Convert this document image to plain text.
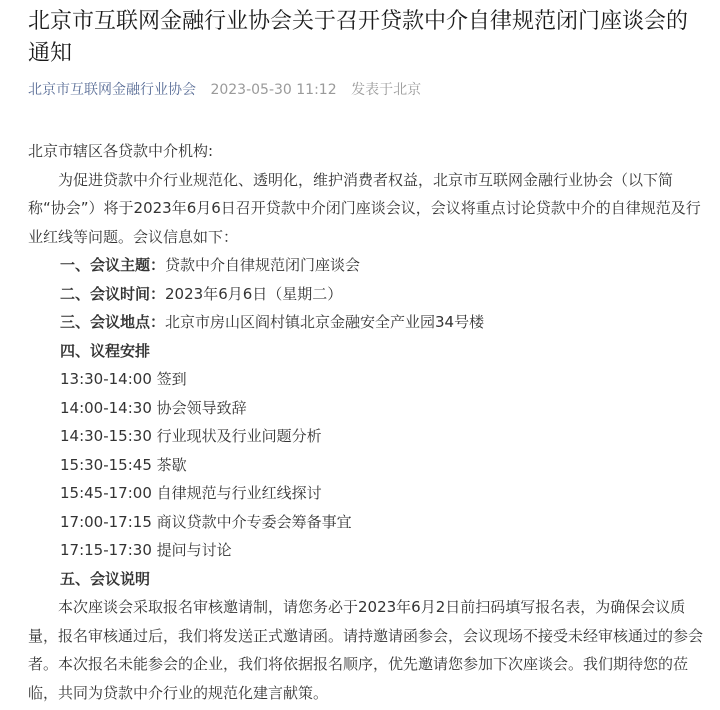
北京市互联网金融行业协会关于召开贷款中介自律规范闭门座谈会的通知
北京市互联网金融行业协会 2023-05-30 11:12 发表于北京

北京市辖区各贷款中介机构:

为促进贷款中介行业规范化、透明化，维护消费者权益，北京市互联网金融行业协会（以下简称“协会”）将于2023年6月6日召开贷款中介闭门座谈会议，会议将重点讨论贷款中介的自律规范及行业红线等问题。会议信息如下：

一、会议主题：贷款中介自律规范闭门座谈会
二、会议时间：2023年6月6日（星期二）
三、会议地点：北京市房山区阎村镇北京金融安全产业园34号楼
四、议程安排
13:30-14:00 签到
14:00-14:30 协会领导致辞
14:30-15:30 行业现状及行业问题分析
15:30-15:45 茶歇
15:45-17:00 自律规范与行业红线探讨
17:00-17:15 商议贷款中介专委会筹备事宜
17:15-17:30 提问与讨论
五、会议说明

本次座谈会采取报名审核邀请制，请您务必于2023年6月2日前扫码填写报名表，为确保会议质量，报名审核通过后，我们将发送正式邀请函。请持邀请函参会，会议现场不接受未经审核通过的参会者。本次报名未能参会的企业，我们将依据报名顺序，优先邀请您参加下次座谈会。我们期待您的莅临，共同为贷款中介行业的规范化建言献策。
